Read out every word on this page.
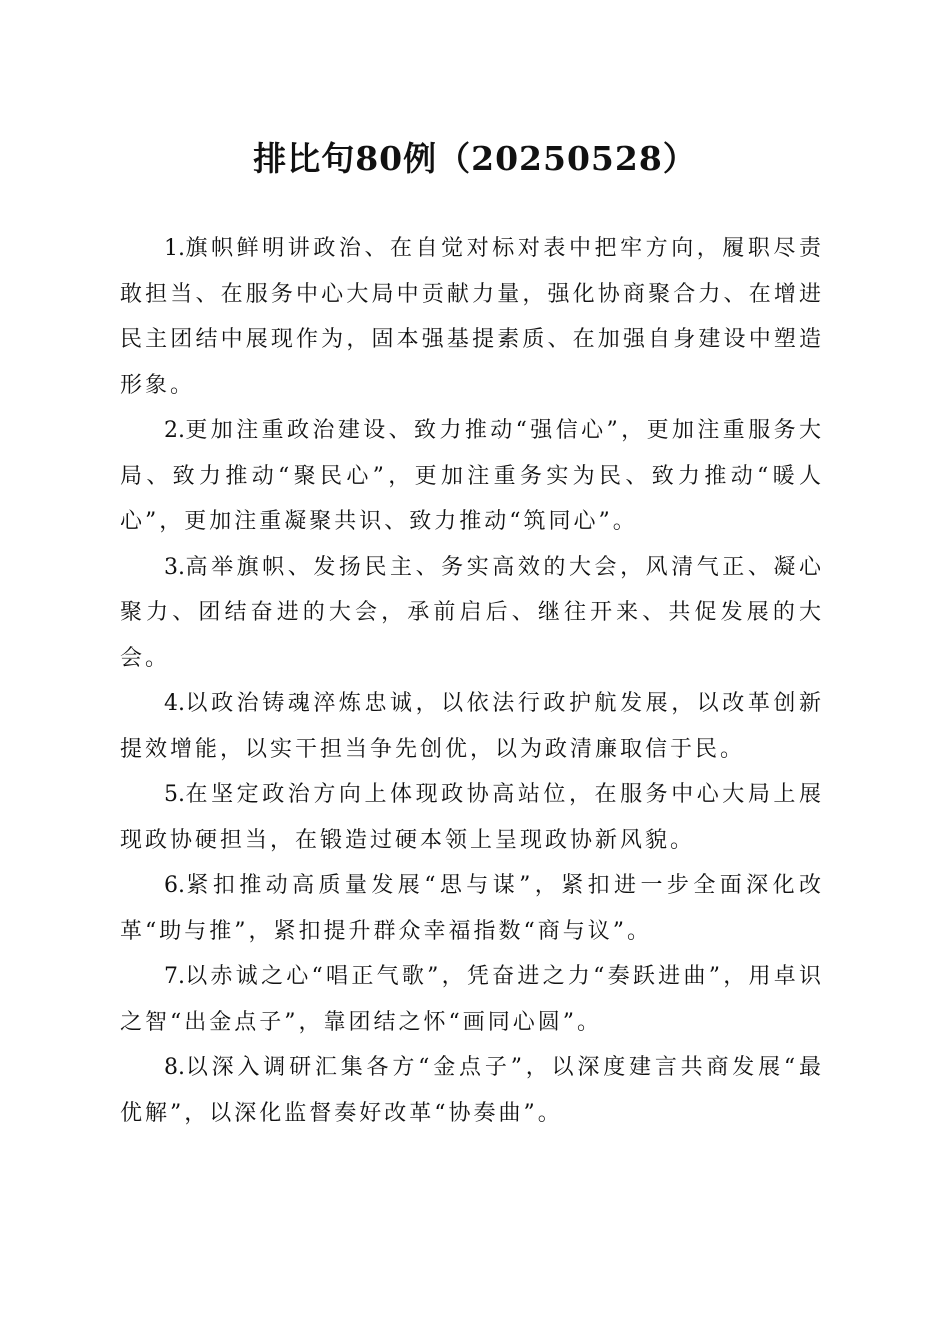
排比句80例（20250528）

1.旗帜鲜明讲政治、在自觉对标对表中把牢方向，履职尽责敢担当、在服务中心大局中贡献力量，强化协商聚合力、在增进民主团结中展现作为，固本强基提素质、在加强自身建设中塑造形象。

2.更加注重政治建设、致力推动“强信心”，更加注重服务大局、致力推动“聚民心”，更加注重务实为民、致力推动“暖人心”，更加注重凝聚共识、致力推动“筑同心”。

3.高举旗帜、发扬民主、务实高效的大会，风清气正、凝心聚力、团结奋进的大会，承前启后、继往开来、共促发展的大会。

4.以政治铸魂淬炼忠诚，以依法行政护航发展，以改革创新提效增能，以实干担当争先创优，以为政清廉取信于民。

5.在坚定政治方向上体现政协高站位，在服务中心大局上展现政协硬担当，在锻造过硬本领上呈现政协新风貌。

6.紧扣推动高质量发展“思与谋”，紧扣进一步全面深化改革“助与推”，紧扣提升群众幸福指数“商与议”。

7.以赤诚之心“唱正气歌”，凭奋进之力“奏跃进曲”，用卓识之智“出金点子”，靠团结之怀“画同心圆”。

8.以深入调研汇集各方“金点子”，以深度建言共商发展“最优解”，以深化监督奏好改革“协奏曲”。
